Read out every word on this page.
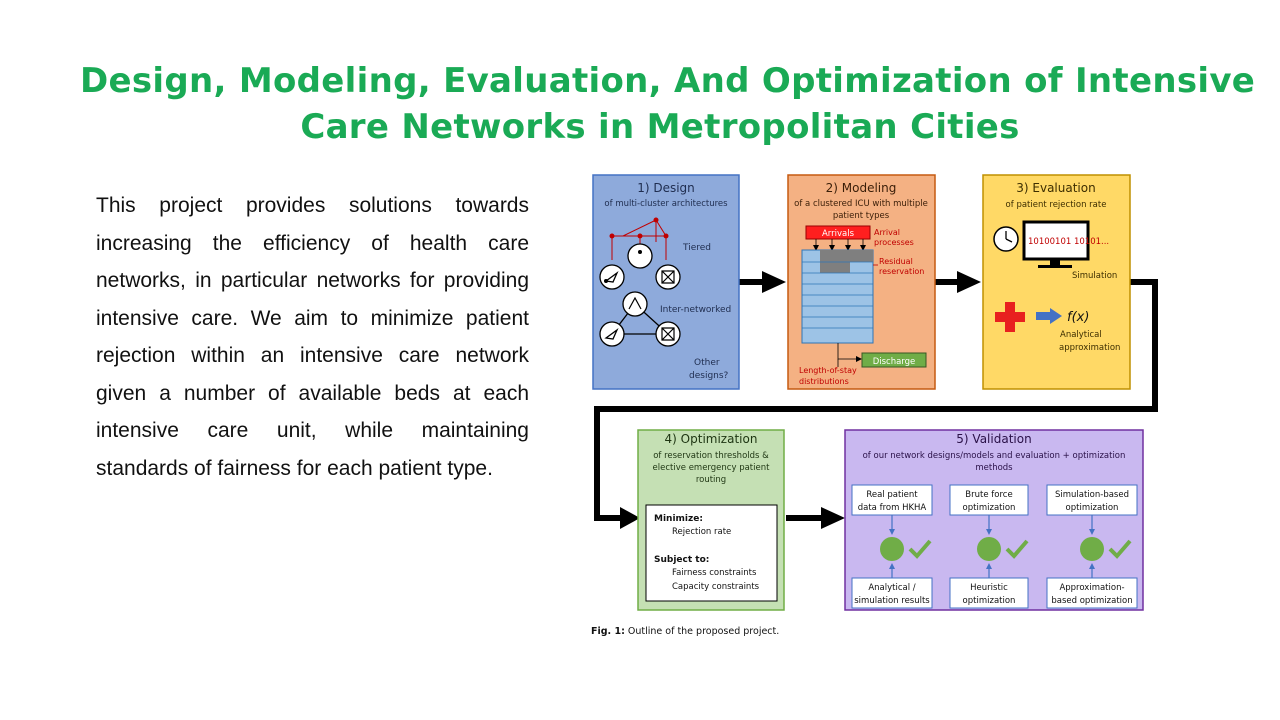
Design, Modeling, Evaluation, And Optimization of Intensive
Care Networks in Metropolitan Cities
This project provides solutions towards increasing the efficiency of health care networks, in particular networks for providing intensive care. We aim to minimize patient rejection within an intensive care network given a number of available beds at each intensive care unit, while maintaining standards of fairness for each patient type.
1) Design
of multi-cluster architectures
Tiered
Inter-networked
Other
designs?
2) Modeling
of a clustered ICU with multiple
patient types
Arrivals Arrival
processes
Residual
reservation
Discharge
Length-of-stay
distributions
3) Evaluation
of patient rejection rate
10100101 10101...
Simulation
f(x)
Analytical
approximation
4) Optimization
of reservation thresholds &
elective emergency patient
routing
Minimize:
Rejection rate
Subject to:
Fairness constraints
Capacity constraints
5) Validation
of our network designs/models and evaluation + optimization
methods
Real patient
data from HKHA
Analytical /
simulation results
Brute force
optimization
Heuristic
optimization
Simulation-based
optimization
Approximation-
based optimization
Fig. 1: Outline of the proposed project.
